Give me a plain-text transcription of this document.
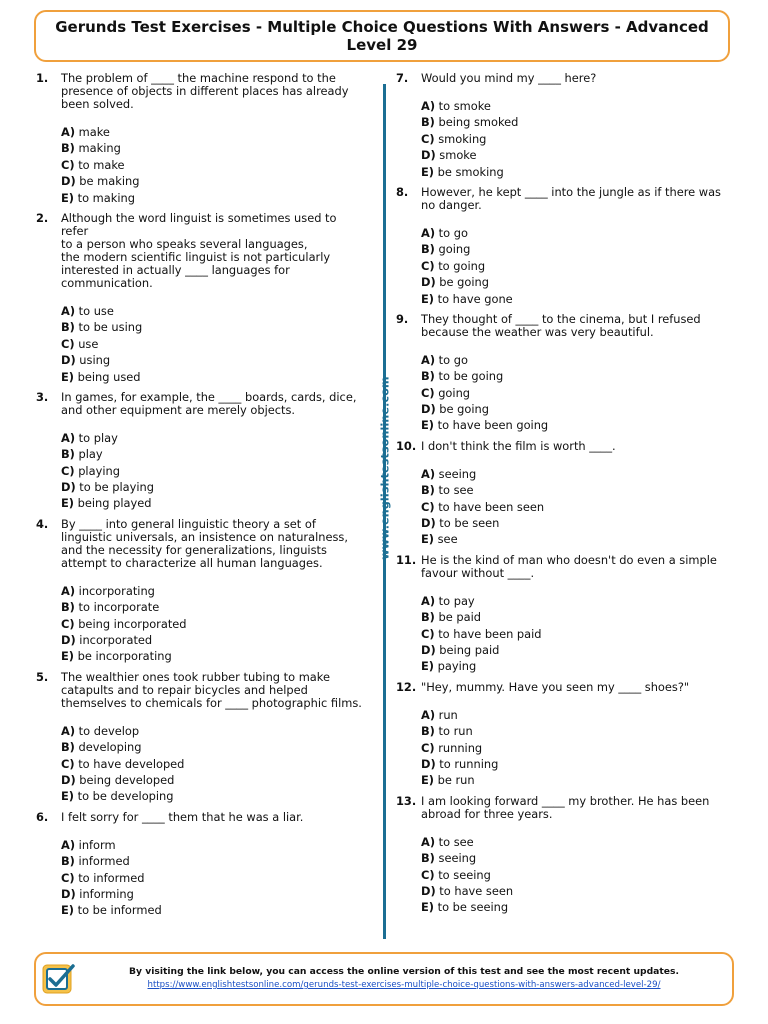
Gerunds Test Exercises - Multiple Choice Questions With Answers - Advanced Level 29
1. The problem of ____ the machine respond to the
presence of objects in different places has already
been solved.
A) make
B) making
C) to make
D) be making
E) to making
2. Although the word linguist is sometimes used to refer
to a person who speaks several languages,
the modern scientific linguist is not particularly
interested in actually ____ languages for
communication.
A) to use
B) to be using
C) use
D) using
E) being used
3. In games, for example, the ____ boards, cards, dice,
and other equipment are merely objects.
A) to play
B) play
C) playing
D) to be playing
E) being played
4. By ____ into general linguistic theory a set of
linguistic universals, an insistence on naturalness,
and the necessity for generalizations, linguists
attempt to characterize all human languages.
A) incorporating
B) to incorporate
C) being incorporated
D) incorporated
E) be incorporating
5. The wealthier ones took rubber tubing to make
catapults and to repair bicycles and helped
themselves to chemicals for ____ photographic films.
A) to develop
B) developing
C) to have developed
D) being developed
E) to be developing
6. I felt sorry for ____ them that he was a liar.
A) inform
B) informed
C) to informed
D) informing
E) to be informed
www.englishtestsonline.com
7. Would you mind my ____ here?
A) to smoke
B) being smoked
C) smoking
D) smoke
E) be smoking
8. However, he kept ____ into the jungle as if there was
no danger.
A) to go
B) going
C) to going
D) be going
E) to have gone
9. They thought of ____ to the cinema, but I refused
because the weather was very beautiful.
A) to go
B) to be going
C) going
D) be going
E) to have been going
10. I don't think the film is worth ____.
A) seeing
B) to see
C) to have been seen
D) to be seen
E) see
11. He is the kind of man who doesn't do even a simple
favour without ____.
A) to pay
B) be paid
C) to have been paid
D) being paid
E) paying
12. "Hey, mummy. Have you seen my ____ shoes?"
A) run
B) to run
C) running
D) to running
E) be run
13. I am looking forward ____ my brother. He has been
abroad for three years.
A) to see
B) seeing
C) to seeing
D) to have seen
E) to be seeing
By visiting the link below, you can access the online version of this test and see the most recent updates.
https://www.englishtestsonline.com/gerunds-test-exercises-multiple-choice-questions-with-answers-advanced-level-29/
